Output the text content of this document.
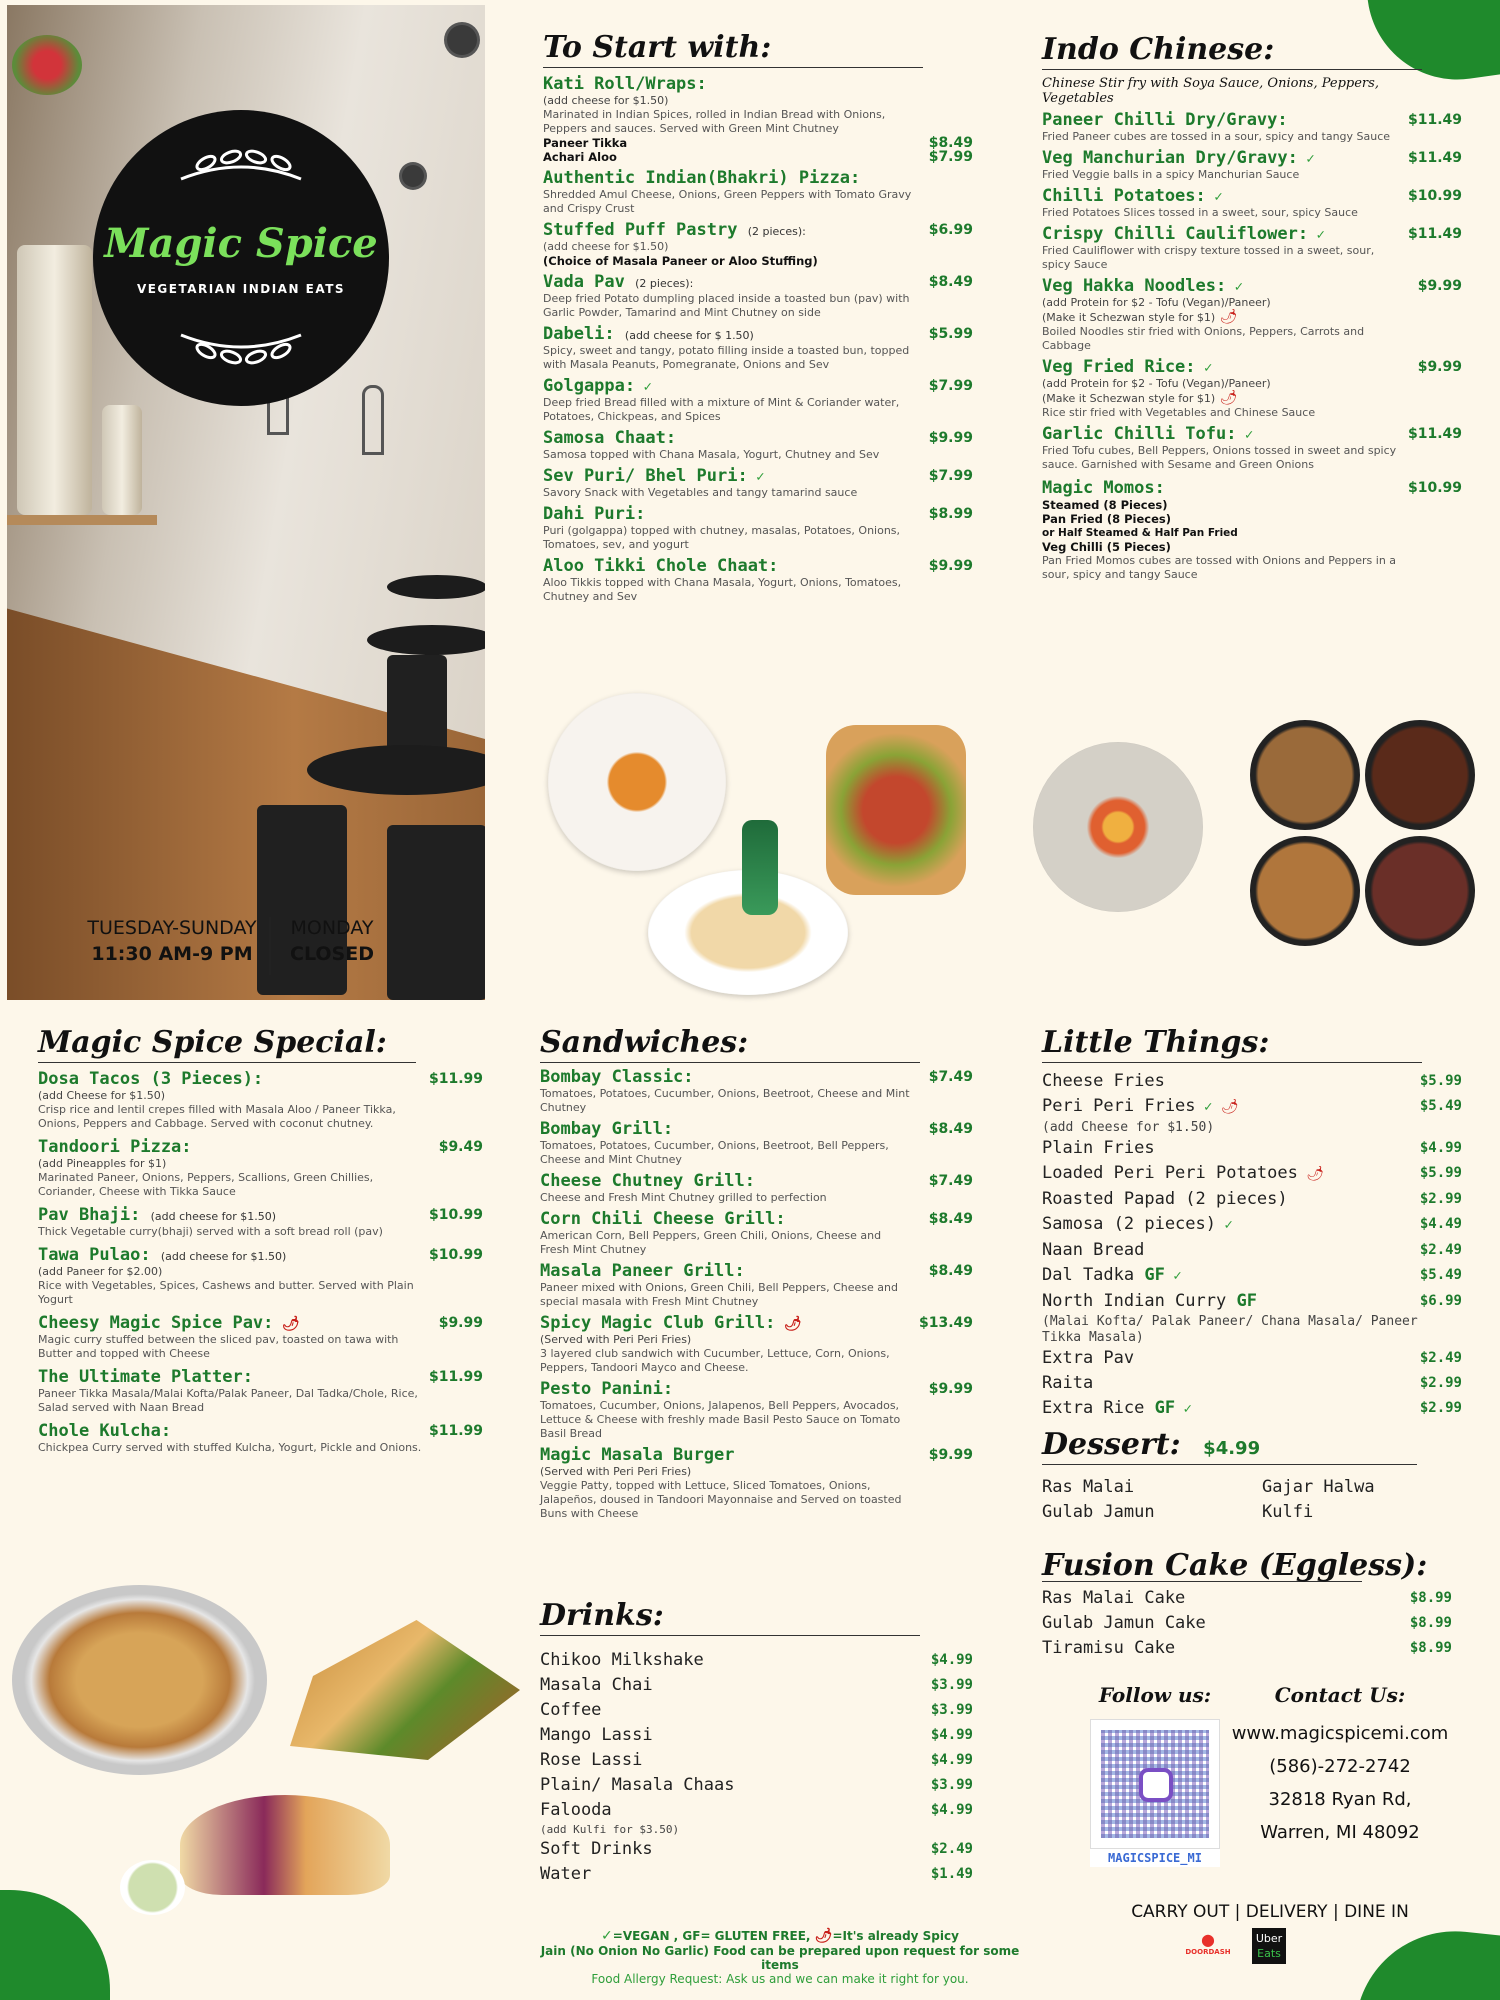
Magic Spice
VEGETARIAN INDIAN EATS
TUESDAY-SUNDAY
11:30 AM-9 PM
MONDAY
CLOSED
To Start with:
Kati Roll/Wraps:
(add cheese for $1.50)
Marinated in Indian Spices, rolled in Indian Bread with Onions, Peppers and sauces. Served with Green Mint Chutney
Paneer Tikka	$8.49
Achari Aloo	$7.99
Authentic Indian(Bhakri) Pizza:
Shredded Amul Cheese, Onions, Green Peppers with Tomato Gravy and Crispy Crust
Stuffed Puff Pastry (2 pieces):	$6.99
(add cheese for $1.50)
(Choice of Masala Paneer or Aloo Stuffing)
Vada Pav (2 pieces):	$8.49
Deep fried Potato dumpling placed inside a toasted bun (pav) with Garlic Powder, Tamarind and Mint Chutney on side
Dabeli: (add cheese for $ 1.50)	$5.99
Spicy, sweet and tangy, potato filling inside a toasted bun, topped with Masala Peanuts, Pomegranate, Onions and Sev
Golgappa: ✓	$7.99
Deep fried Bread filled with a mixture of Mint & Coriander water, Potatoes, Chickpeas, and Spices
Samosa Chaat:	$9.99
Samosa topped with Chana Masala, Yogurt, Chutney and Sev
Sev Puri/ Bhel Puri: ✓	$7.99
Savory Snack with Vegetables and tangy tamarind sauce
Dahi Puri:	$8.99
Puri (golgappa) topped with chutney, masalas, Potatoes, Onions, Tomatoes, sev, and yogurt
Aloo Tikki Chole Chaat:	$9.99
Aloo Tikkis topped with Chana Masala, Yogurt, Onions, Tomatoes, Chutney and Sev
Indo Chinese:
Chinese Stir fry with Soya Sauce, Onions, Peppers, Vegetables
Paneer Chilli Dry/Gravy:	$11.49
Fried Paneer cubes are tossed in a sour, spicy and tangy Sauce
Veg Manchurian Dry/Gravy: ✓	$11.49
Fried Veggie balls in a spicy Manchurian Sauce
Chilli Potatoes: ✓	$10.99
Fried Potatoes Slices tossed in a sweet, sour, spicy Sauce
Crispy Chilli Cauliflower: ✓	$11.49
Fried Cauliflower with crispy texture tossed in a sweet, sour, spicy Sauce
Veg Hakka Noodles: ✓	$9.99
(add Protein for $2 - Tofu (Vegan)/Paneer)
(Make it Schezwan style for $1) 🌶
Boiled Noodles stir fried with Onions, Peppers, Carrots and Cabbage
Veg Fried Rice: ✓	$9.99
(add Protein for $2 - Tofu (Vegan)/Paneer)
(Make it Schezwan style for $1) 🌶
Rice stir fried with Vegetables and Chinese Sauce
Garlic Chilli Tofu: ✓	$11.49
Fried Tofu cubes, Bell Peppers, Onions tossed in sweet and spicy sauce. Garnished with Sesame and Green Onions
Magic Momos:	$10.99
Steamed (8 Pieces)
Pan Fried (8 Pieces)
or Half Steamed & Half Pan Fried
Veg Chilli (5 Pieces)
Pan Fried Momos cubes are tossed with Onions and Peppers in a sour, spicy and tangy Sauce
Magic Spice Special:
Dosa Tacos (3 Pieces):	$11.99
(add Cheese for $1.50)
Crisp rice and lentil crepes filled with Masala Aloo / Paneer Tikka, Onions, Peppers and Cabbage. Served with coconut chutney.
Tandoori Pizza:	$9.49
(add Pineapples for $1)
Marinated Paneer, Onions, Peppers, Scallions, Green Chillies, Coriander, Cheese with Tikka Sauce
Pav Bhaji: (add cheese for $1.50)	$10.99
Thick Vegetable curry(bhaji) served with a soft bread roll (pav)
Tawa Pulao: (add cheese for $1.50)	$10.99
(add Paneer for $2.00)
Rice with Vegetables, Spices, Cashews and butter. Served with Plain Yogurt
Cheesy Magic Spice Pav: 🌶	$9.99
Magic curry stuffed between the sliced pav, toasted on tawa with Butter and topped with Cheese
The Ultimate Platter:	$11.99
Paneer Tikka Masala/Malai Kofta/Palak Paneer, Dal Tadka/Chole, Rice, Salad served with Naan Bread
Chole Kulcha:	$11.99
Chickpea Curry served with stuffed Kulcha, Yogurt, Pickle and Onions.
Sandwiches:
Bombay Classic:	$7.49
Tomatoes, Potatoes, Cucumber, Onions, Beetroot, Cheese and Mint Chutney
Bombay Grill:	$8.49
Tomatoes, Potatoes, Cucumber, Onions, Beetroot, Bell Peppers, Cheese and Mint Chutney
Cheese Chutney Grill:	$7.49
Cheese and Fresh Mint Chutney grilled to perfection
Corn Chili Cheese Grill:	$8.49
American Corn, Bell Peppers, Green Chili, Onions, Cheese and Fresh Mint Chutney
Masala Paneer Grill:	$8.49
Paneer mixed with Onions, Green Chili, Bell Peppers, Cheese and special masala with Fresh Mint Chutney
Spicy Magic Club Grill: 🌶	$13.49
(Served with Peri Peri Fries)
3 layered club sandwich with Cucumber, Lettuce, Corn, Onions, Peppers, Tandoori Mayco and Cheese.
Pesto Panini:	$9.99
Tomatoes, Cucumber, Onions, Jalapenos, Bell Peppers, Avocados, Lettuce & Cheese with freshly made Basil Pesto Sauce on Tomato Basil Bread
Magic Masala Burger	$9.99
(Served with Peri Peri Fries)
Veggie Patty, topped with Lettuce, Sliced Tomatoes, Onions, Jalapeños, doused in Tandoori Mayonnaise and Served on toasted Buns with Cheese
Drinks:
Chikoo Milkshake	$4.99
Masala Chai	$3.99
Coffee	$3.99
Mango Lassi	$4.99
Rose Lassi	$4.99
Plain/ Masala Chaas	$3.99
Falooda	$4.99
(add Kulfi for $3.50)
Soft Drinks	$2.49
Water	$1.49
Little Things:
Cheese Fries	$5.99
Peri Peri Fries ✓ 🌶	$5.49
(add Cheese for $1.50)
Plain Fries	$4.99
Loaded Peri Peri Potatoes 🌶	$5.99
Roasted Papad (2 pieces)	$2.99
Samosa (2 pieces) ✓	$4.49
Naan Bread	$2.49
Dal Tadka GF ✓	$5.49
North Indian Curry GF	$6.99
(Malai Kofta/ Palak Paneer/ Chana Masala/ Paneer Tikka Masala)
Extra Pav	$2.49
Raita	$2.99
Extra Rice GF ✓	$2.99
Dessert: $4.99
Ras Malai	Gajar Halwa
Gulab Jamun	Kulfi
Fusion Cake (Eggless):
Ras Malai Cake	$8.99
Gulab Jamun Cake	$8.99
Tiramisu Cake	$8.99
Follow us:
MAGICSPICE_MI
Contact Us:
www.magicspicemi.com
(586)-272-2742
32818 Ryan Rd,
Warren, MI 48092
CARRY OUT | DELIVERY | DINE IN
●
DOORDASH
Uber
Eats
✓=VEGAN , GF= GLUTEN FREE, 🌶=It's already Spicy
Jain (No Onion No Garlic) Food can be prepared upon request for some items
Food Allergy Request: Ask us and we can make it right for you.
